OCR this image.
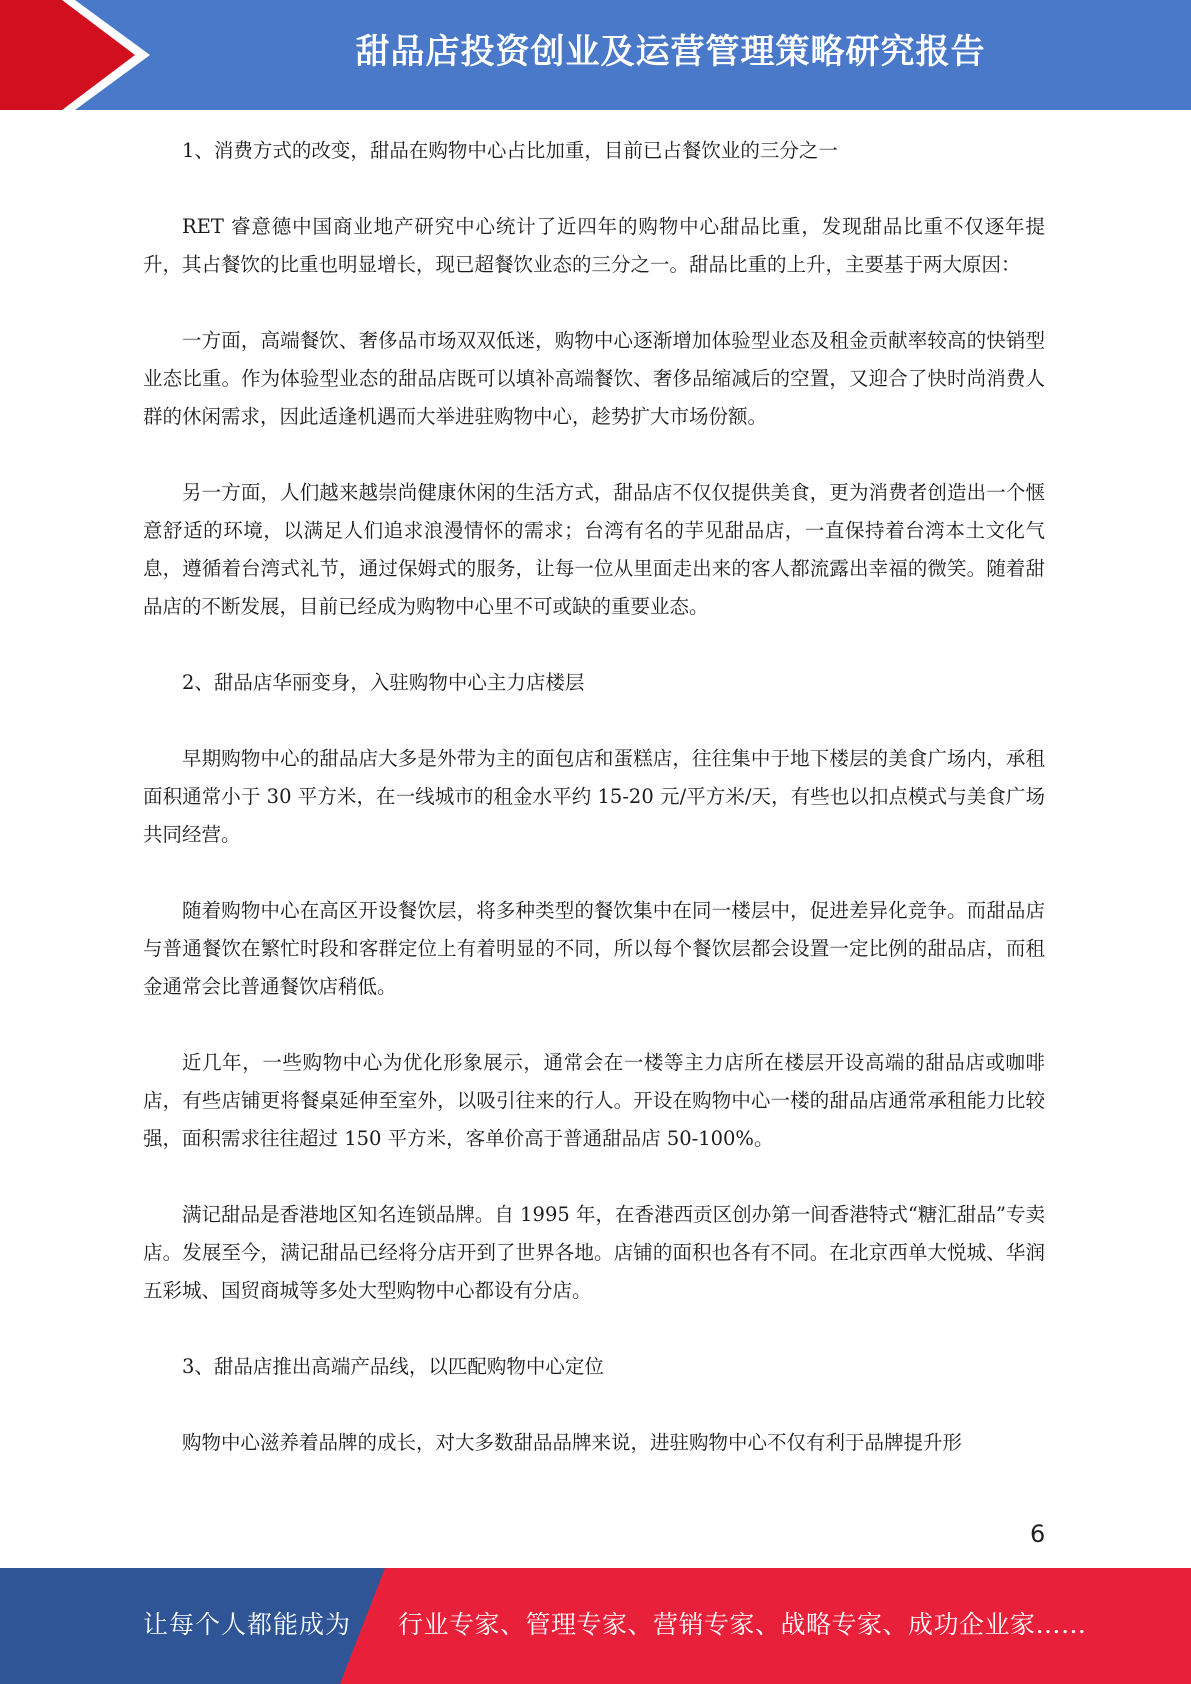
甜品店投资创业及运营管理策略研究报告

1、消费方式的改变，甜品在购物中心占比加重，目前已占餐饮业的三分之一

RET 睿意德中国商业地产研究中心统计了近四年的购物中心甜品比重，发现甜品比重不仅逐年提升，其占餐饮的比重也明显增长，现已超餐饮业态的三分之一。甜品比重的上升，主要基于两大原因：

一方面，高端餐饮、奢侈品市场双双低迷，购物中心逐渐增加体验型业态及租金贡献率较高的快销型业态比重。作为体验型业态的甜品店既可以填补高端餐饮、奢侈品缩减后的空置，又迎合了快时尚消费人群的休闲需求，因此适逢机遇而大举进驻购物中心，趁势扩大市场份额。

另一方面，人们越来越崇尚健康休闲的生活方式，甜品店不仅仅提供美食，更为消费者创造出一个惬意舒适的环境，以满足人们追求浪漫情怀的需求；台湾有名的芋见甜品店，一直保持着台湾本土文化气息，遵循着台湾式礼节，通过保姆式的服务，让每一位从里面走出来的客人都流露出幸福的微笑。随着甜品店的不断发展，目前已经成为购物中心里不可或缺的重要业态。

2、甜品店华丽变身，入驻购物中心主力店楼层

早期购物中心的甜品店大多是外带为主的面包店和蛋糕店，往往集中于地下楼层的美食广场内，承租面积通常小于 30 平方米，在一线城市的租金水平约 15-20 元/平方米/天，有些也以扣点模式与美食广场共同经营。

随着购物中心在高区开设餐饮层，将多种类型的餐饮集中在同一楼层中，促进差异化竞争。而甜品店与普通餐饮在繁忙时段和客群定位上有着明显的不同，所以每个餐饮层都会设置一定比例的甜品店，而租金通常会比普通餐饮店稍低。

近几年，一些购物中心为优化形象展示，通常会在一楼等主力店所在楼层开设高端的甜品店或咖啡店，有些店铺更将餐桌延伸至室外，以吸引往来的行人。开设在购物中心一楼的甜品店通常承租能力比较强，面积需求往往超过 150 平方米，客单价高于普通甜品店 50-100%。

满记甜品是香港地区知名连锁品牌。自 1995 年，在香港西贡区创办第一间香港特式“糖汇甜品”专卖店。发展至今，满记甜品已经将分店开到了世界各地。店铺的面积也各有不同。在北京西单大悦城、华润五彩城、国贸商城等多处大型购物中心都设有分店。

3、甜品店推出高端产品线，以匹配购物中心定位

购物中心滋养着品牌的成长，对大多数甜品品牌来说，进驻购物中心不仅有利于品牌提升形

6
让每个人都能成为 行业专家、管理专家、营销专家、战略专家、成功企业家……
